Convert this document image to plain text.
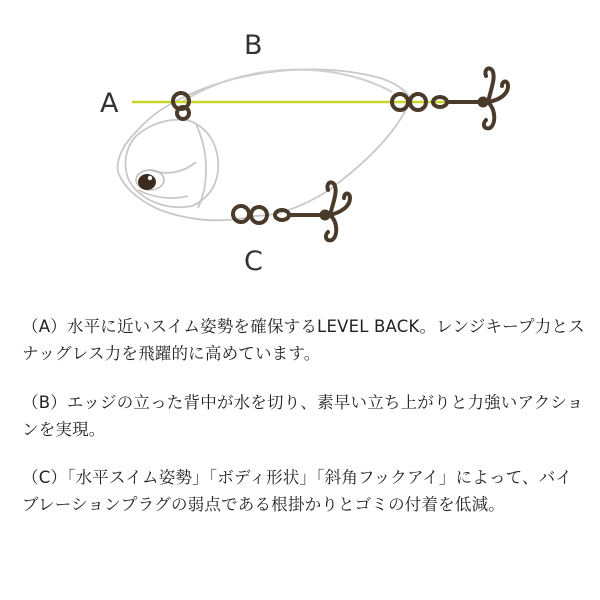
A
B
C

（A）水平に近いスイム姿勢を確保するLEVEL BACK。レンジキープ力とスナッグレス力を飛躍的に高めています。

（B）エッジの立った背中が水を切り、素早い立ち上がりと力強いアクションを実現。

（C）「水平スイム姿勢」「ボディ形状」「斜角フックアイ」によって、バイブレーションプラグの弱点である根掛かりとゴミの付着を低減。
